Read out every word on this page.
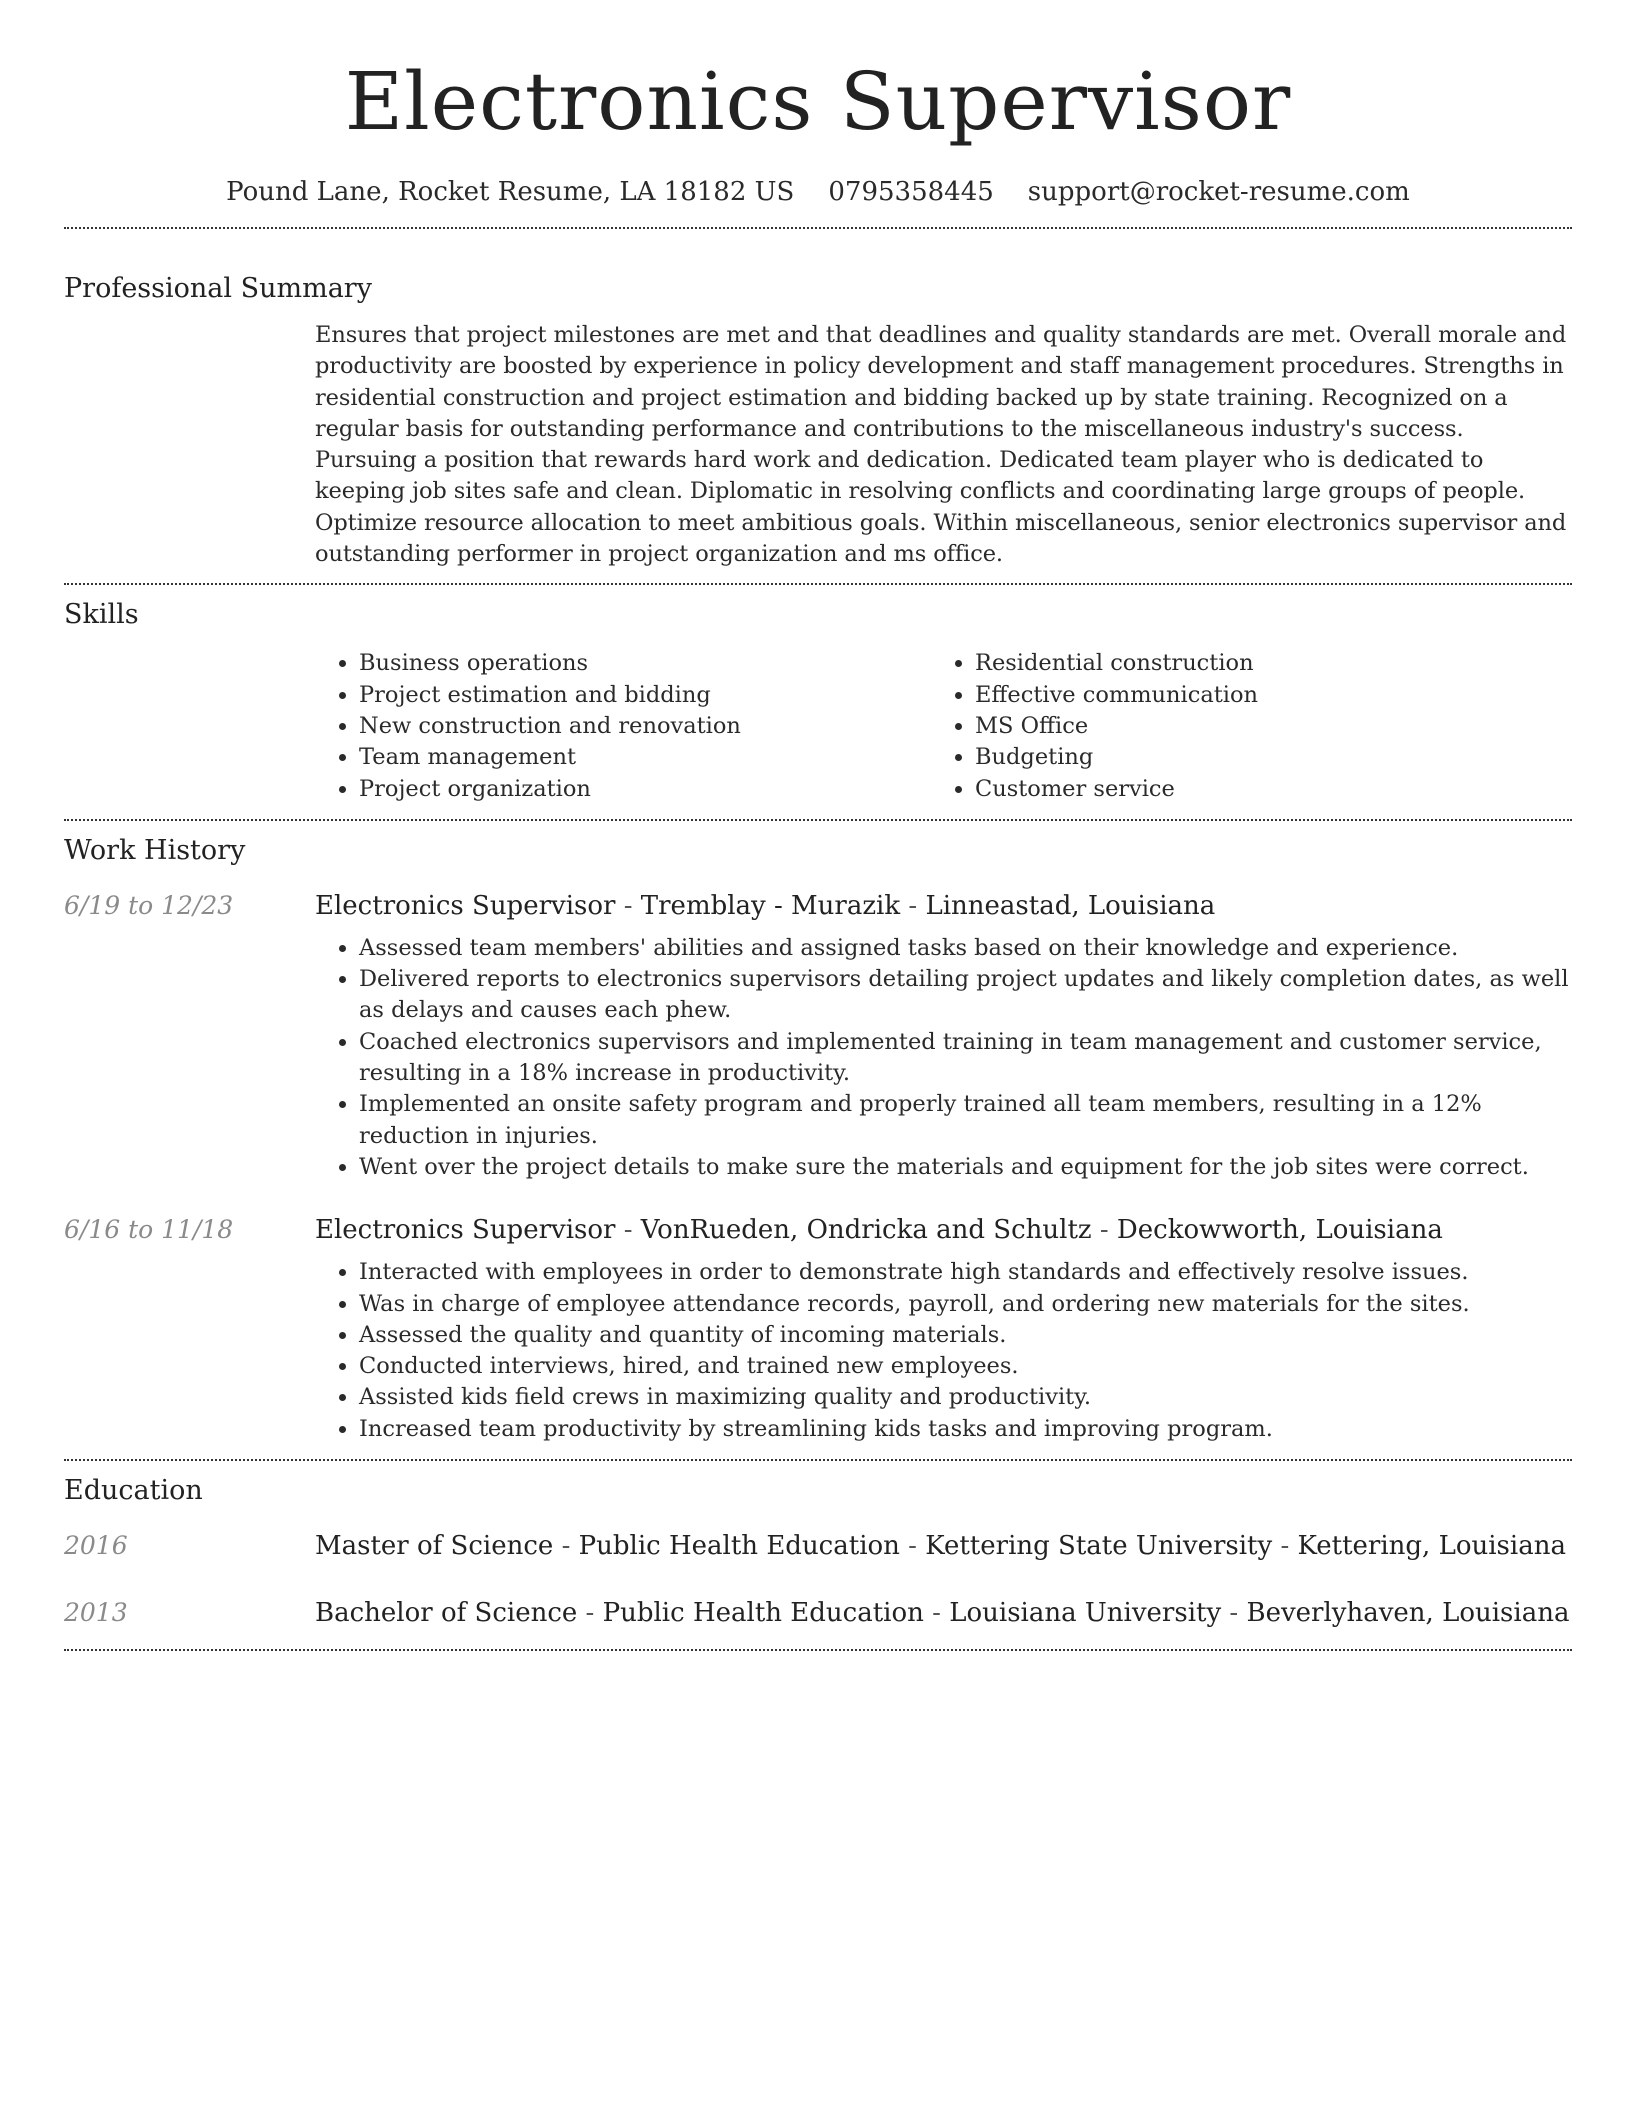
Electronics Supervisor
Pound Lane, Rocket Resume, LA 18182 US 0795358445 support@rocket-resume.com
Professional Summary

Ensures that project milestones are met and that deadlines and quality standards are met. Overall morale and productivity are boosted by experience in policy development and staff management procedures. Strengths in residential construction and project estimation and bidding backed up by state training. Recognized on a regular basis for outstanding performance and contributions to the miscellaneous industry's success. Pursuing a position that rewards hard work and dedication. Dedicated team player who is dedicated to keeping job sites safe and clean. Diplomatic in resolving conflicts and coordinating large groups of people. Optimize resource allocation to meet ambitious goals. Within miscellaneous, senior electronics supervisor and outstanding performer in project organization and ms office.

Skills
• Business operations
• Project estimation and bidding
• New construction and renovation
• Team management
• Project organization
• Residential construction
• Effective communication
• MS Office
• Budgeting
• Customer service
Work History
6/19 to 12/23	Electronics Supervisor - Tremblay - Murazik - Linneastad, Louisiana
• Assessed team members' abilities and assigned tasks based on their knowledge and experience.
• Delivered reports to electronics supervisors detailing project updates and likely completion dates, as well as delays and causes each phew.
• Coached electronics supervisors and implemented training in team management and customer service, resulting in a 18% increase in productivity.
• Implemented an onsite safety program and properly trained all team members, resulting in a 12% reduction in injuries.
• Went over the project details to make sure the materials and equipment for the job sites were correct.
6/16 to 11/18	Electronics Supervisor - VonRueden, Ondricka and Schultz - Deckowworth, Louisiana
• Interacted with employees in order to demonstrate high standards and effectively resolve issues.
• Was in charge of employee attendance records, payroll, and ordering new materials for the sites.
• Assessed the quality and quantity of incoming materials.
• Conducted interviews, hired, and trained new employees.
• Assisted kids field crews in maximizing quality and productivity.
• Increased team productivity by streamlining kids tasks and improving program.
Education
2016	Master of Science - Public Health Education - Kettering State University - Kettering, Louisiana
2013	Bachelor of Science - Public Health Education - Louisiana University - Beverlyhaven, Louisiana
